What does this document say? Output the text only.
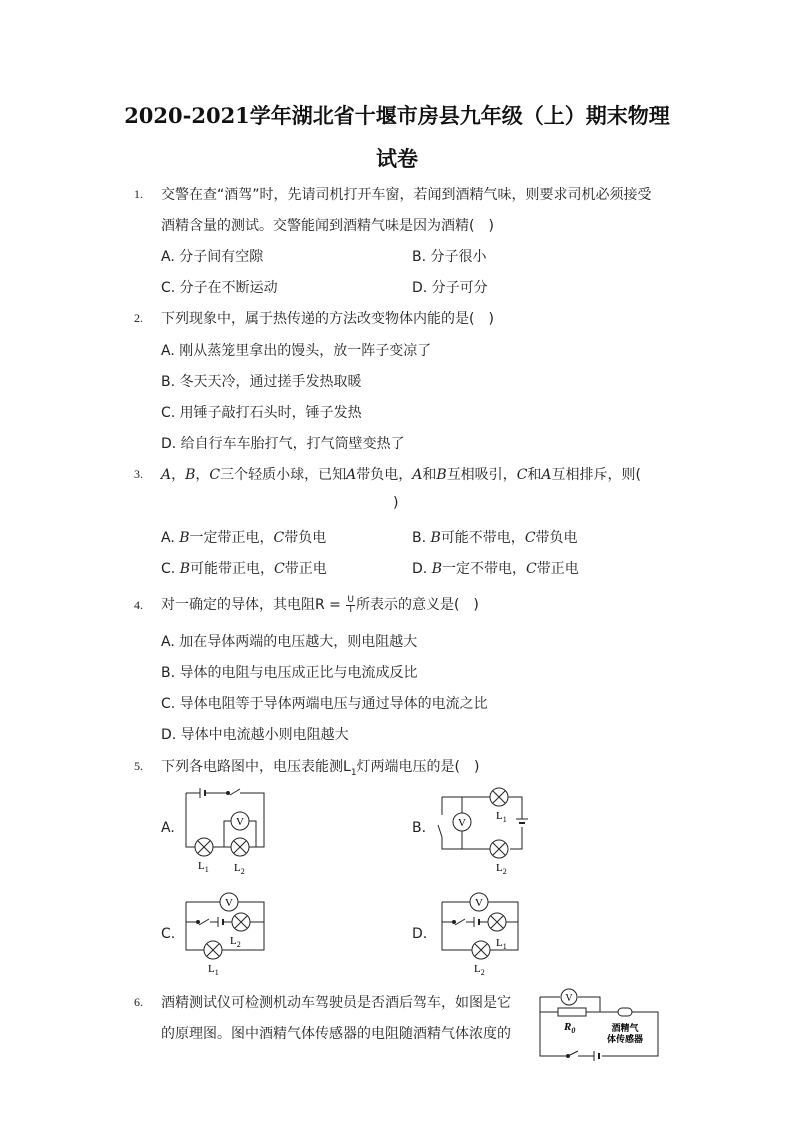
2020-2021学年湖北省十堰市房县九年级（上）期末物理
试卷
1. 交警在查“酒驾”时，先请司机打开车窗，若闻到酒精气味，则要求司机必须接受
酒精含量的测试。交警能闻到酒精气味是因为酒精(　)
A. 分子间有空隙	B. 分子很小
C. 分子在不断运动	D. 分子可分
2. 下列现象中，属于热传递的方法改变物体内能的是(　)
A. 刚从蒸笼里拿出的馒头，放一阵子变凉了
B. 冬天天冷，通过搓手发热取暖
C. 用锤子敲打石头时，锤子发热
D. 给自行车车胎打气，打气筒壁变热了
3. A，B，C三个轻质小球，已知A带负电，A和B互相吸引，C和A互相排斥，则(
)
A. B一定带正电，C带负电	B. B可能不带电，C带负电
C. B可能带正电，C带正电	D. B一定不带电，C带正电
4. 对一确定的导体，其电阻$R = \frac{U}{I}$ 所表示的意义是(　)
A. 加在导体两端的电压越大，则电阻越大
B. 导体的电阻与电压成正比与电流成反比
C. 导体电阻等于导体两端电压与通过导体的电流之比
D. 导体中电流越小则电阻越大
5. 下列各电路图中，电压表能测$L_1$灯两端电压的是(　)
A.	V
$L_1$ $L_2$
B.	V
$L_1$
$L_2$
C.
V
$L_2$
$L_1$
D.
V
$L_1$
$L_2$
6. 酒精测试仪可检测机动车驾驶员是否酒后驾车，如图是它
的原理图。图中酒精气体传感器的电阻随酒精气体浓度的
V
$R_0$	酒精气
体传感器
